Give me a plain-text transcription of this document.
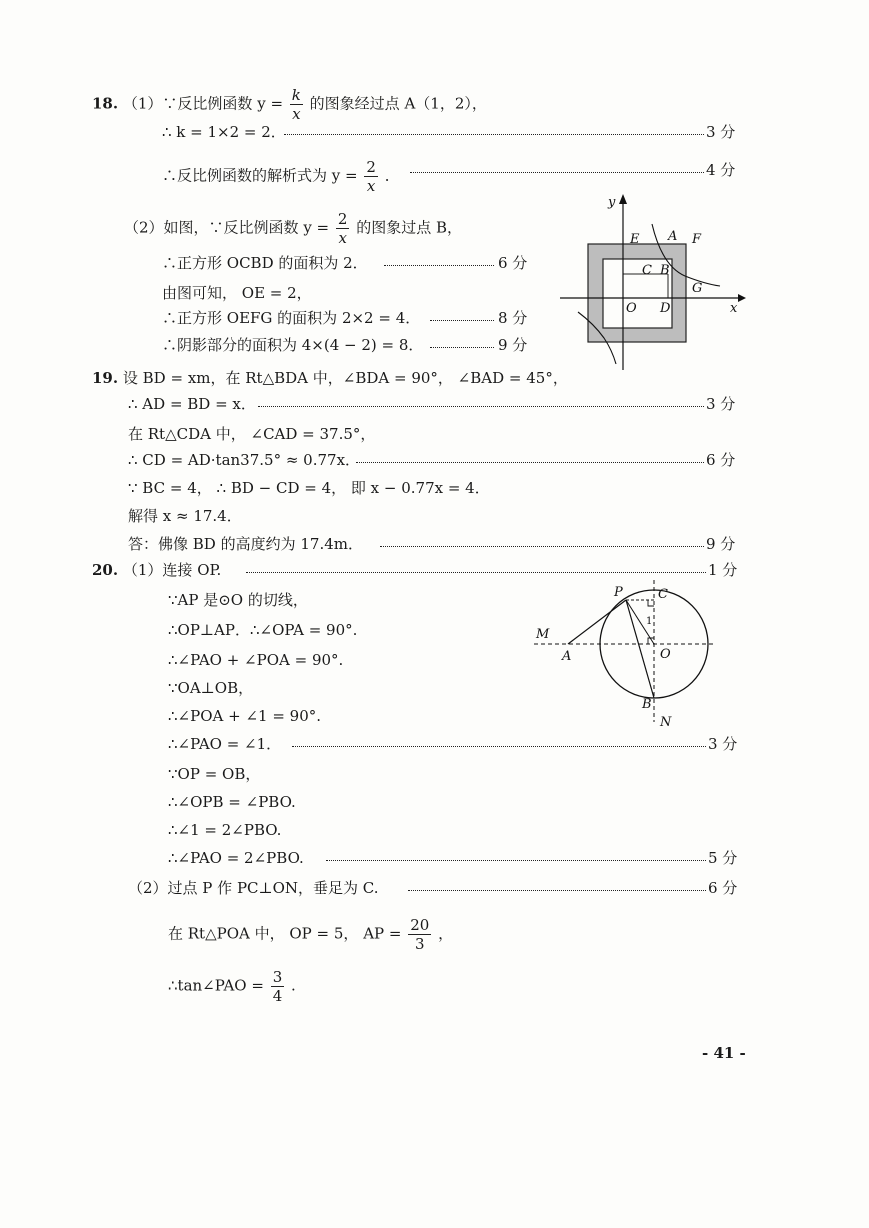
18. （1）∵反比例函数 $y = \frac{k}{x}$ 的图象经过点 A（1，2），
∴ k = 1×2 = 2．	3 分
∴反比例函数的解析式为 $y = \frac{2}{x}$ ．	4 分
（2）如图，∵反比例函数 $y = \frac{2}{x}$ 的图象过点 B，
∴正方形 OCBD 的面积为 2．	6 分
由图可知， OE = 2，
∴正方形 OEFG 的面积为 2×2 = 4．	8 分
∴阴影部分的面积为 4×(4 − 2) = 8．	9 分
y
x
E A F
C B
O D
G
19. 设 BD = xm，在 Rt△BDA 中，∠BDA = 90°， ∠BAD = 45°，
∴ AD = BD = x．	3 分
在 Rt△CDA 中， ∠CAD = 37.5°，
∴ CD = AD·tan37.5° ≈ 0.77x．	6 分
∵ BC = 4， ∴ BD − CD = 4， 即 x − 0.77x = 4．
解得 x ≈ 17.4．
答：佛像 BD 的高度约为 17.4m．	9 分
20. （1）连接 OP.	1 分
∵AP 是⊙O 的切线，
∴OP⊥AP．∴∠OPA = 90°.
∴∠PAO + ∠POA = 90°.
∵OA⊥OB，
∴∠POA + ∠1 = 90°.
∴∠PAO = ∠1．	3 分
∵OP = OB，
∴∠OPB = ∠PBO.
∴∠1 = 2∠PBO.
∴∠PAO = 2∠PBO.	5 分
（2）过点 P 作 PC⊥ON，垂足为 C.	6 分
在 Rt△POA 中， OP = 5， AP = $\frac{20}{3}$ ，
∴tan∠PAO = $\frac{3}{4}$ .
P	C
M
A	O
B
N
1
- 41 -
